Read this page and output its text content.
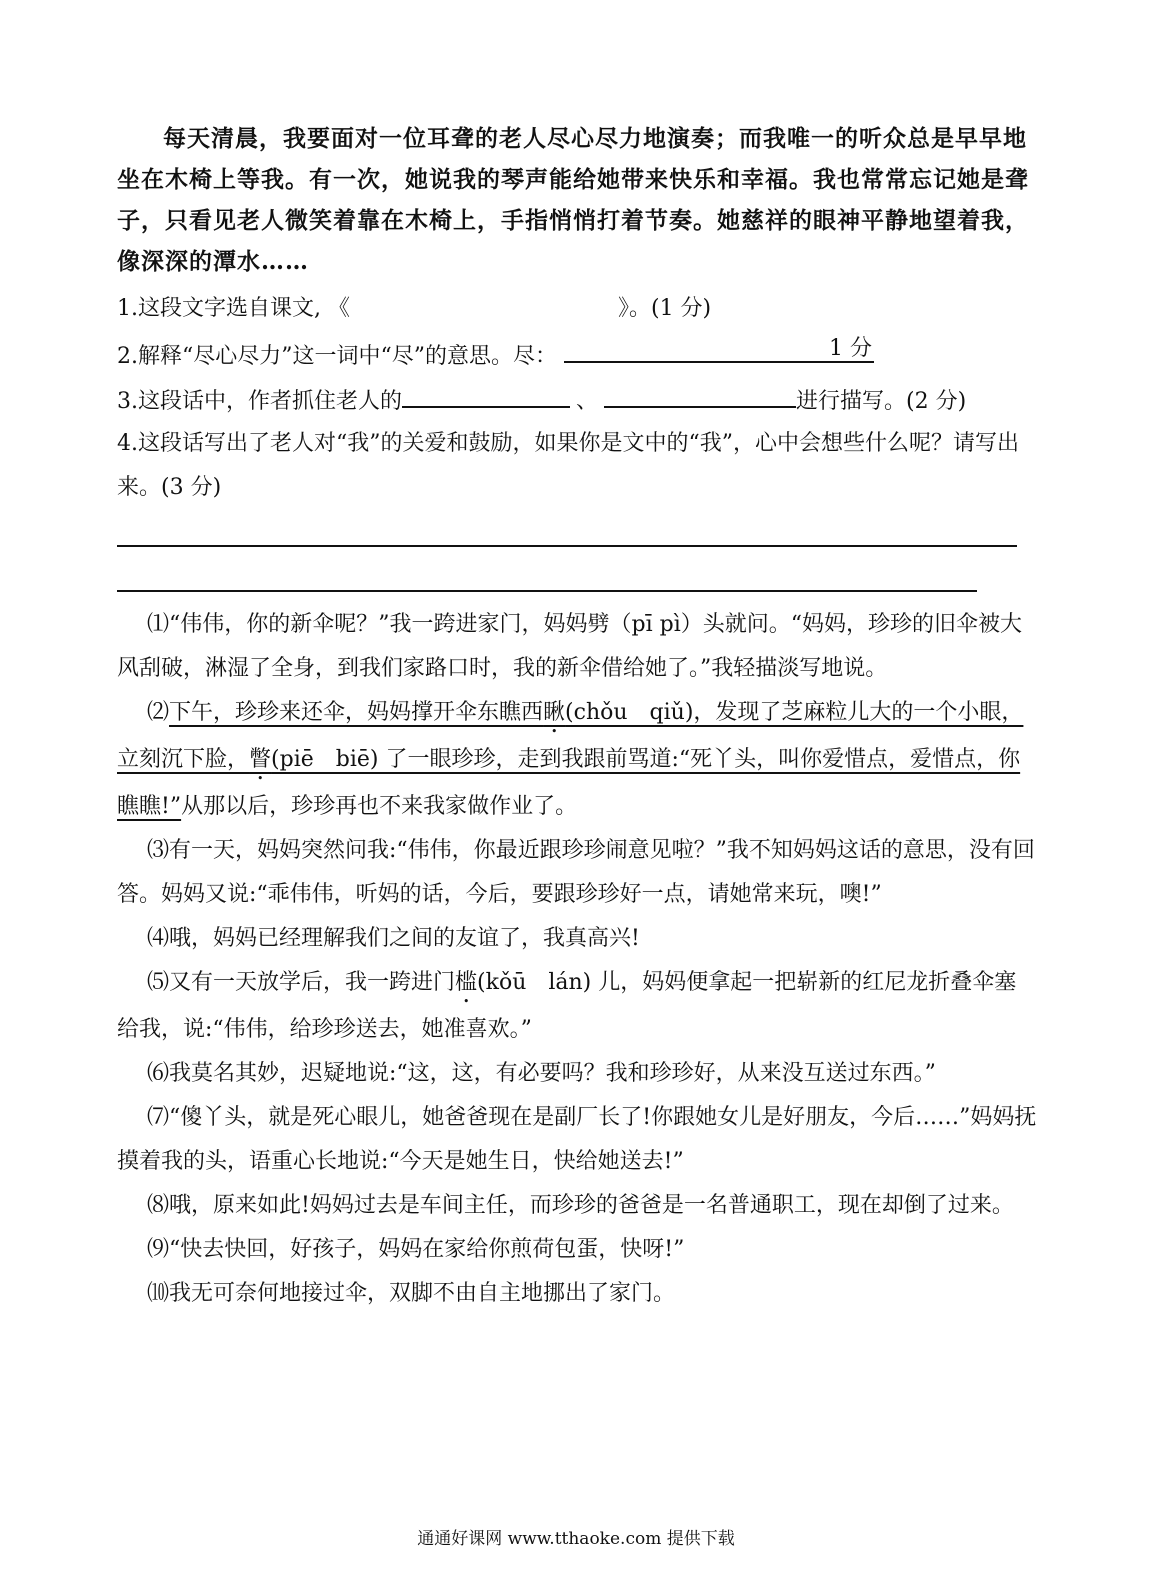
每天清晨，我要面对一位耳聋的老人尽心尽力地演奏；而我唯一的听众总是早早地坐在木椅上等我。有一次，她说我的琴声能给她带来快乐和幸福。我也常常忘记她是聋子，只看见老人微笑着靠在木椅上，手指悄悄打着节奏。她慈祥的眼神平静地望着我，像深深的潭水……
1.这段文字选自课文, 《	》。(1 分)
2.解释“尽心尽力”这一词中“尽”的意思。尽：	1 分
3.这段话中，作者抓住老人的	、	进行描写。(2 分)
4.这段话写出了老人对“我”的关爱和鼓励，如果你是文中的“我”，心中会想些什么呢？请写出来。(3 分)

⑴“伟伟，你的新伞呢？”我一跨进家门，妈妈劈（pī pì）头就问。“妈妈，珍珍的旧伞被大风刮破，淋湿了全身，到我们家路口时，我的新伞借给她了。”我轻描淡写地说。

⑵下午，珍珍来还伞，妈妈撑开伞东瞧西瞅(chǒu　qiǔ)，发现了芝麻粒儿大的一个小眼，立刻沉下脸，瞥(piē　biē) 了一眼珍珍，走到我跟前骂道:“死丫头，叫你爱惜点，爱惜点，你瞧瞧!”从那以后，珍珍再也不来我家做作业了。

⑶有一天，妈妈突然问我:“伟伟，你最近跟珍珍闹意见啦？”我不知妈妈这话的意思，没有回答。妈妈又说:“乖伟伟，听妈的话，今后，要跟珍珍好一点，请她常来玩，噢!”

⑷哦，妈妈已经理解我们之间的友谊了，我真高兴!

⑸又有一天放学后，我一跨进门槛(kǒū　lán) 儿，妈妈便拿起一把崭新的红尼龙折叠伞塞给我，说:“伟伟，给珍珍送去，她准喜欢。”

⑹我莫名其妙，迟疑地说:“这，这，有必要吗？我和珍珍好，从来没互送过东西。”

⑺“傻丫头，就是死心眼儿，她爸爸现在是副厂长了!你跟她女儿是好朋友，今后……”妈妈抚摸着我的头，语重心长地说:“今天是她生日，快给她送去!”

⑻哦，原来如此!妈妈过去是车间主任，而珍珍的爸爸是一名普通职工，现在却倒了过来。

⑼“快去快回，好孩子，妈妈在家给你煎荷包蛋，快呀!”

⑽我无可奈何地接过伞，双脚不由自主地挪出了家门。

通通好课网 www.tthaoke.com 提供下载
